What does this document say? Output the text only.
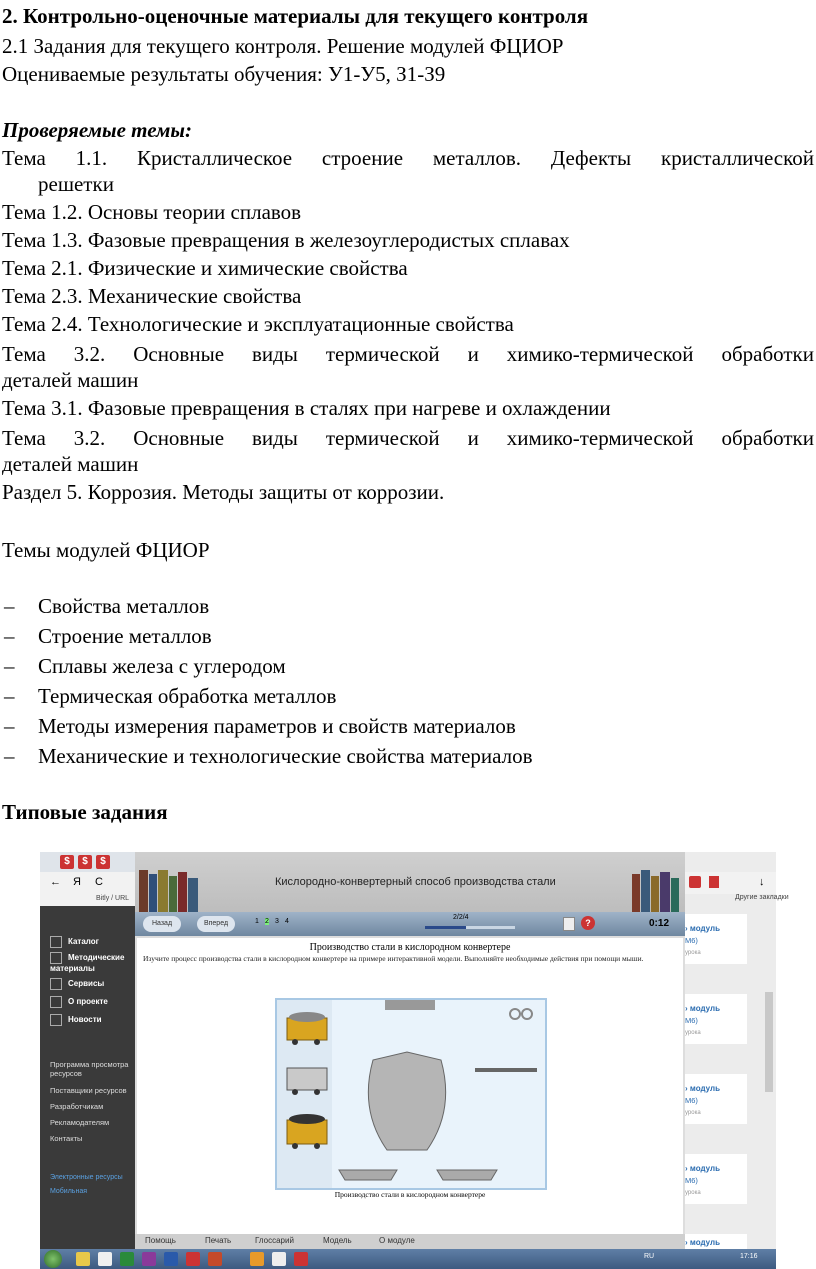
2. Контрольно-оценочные материалы для текущего контроля
2.1 Задания для текущего контроля. Решение модулей ФЦИОР
Оцениваемые результаты обучения: У1-У5, З1-З9
Проверяемые темы:
Тема 1.1. Кристаллическое строение металлов. Дефекты кристаллической
решетки
Тема 1.2. Основы теории сплавов
Тема 1.3. Фазовые превращения в железоуглеродистых сплавах
Тема 2.1. Физические и химические свойства
Тема 2.3. Механические свойства
Тема 2.4. Технологические и эксплуатационные свойства
Тема 3.2. Основные виды термической и химико-термической обработки
деталей машин
Тема 3.1. Фазовые превращения в сталях при нагреве и охлаждении
Тема 3.2. Основные виды термической и химико-термической обработки
деталей машин
Раздел 5. Коррозия. Методы защиты от коррозии.
Темы модулей ФЦИОР
– Свойства металлов
– Строение металлов
– Сплавы железа с углеродом
– Термическая обработка металлов
– Методы измерения параметров и свойств материалов
– Механические и технологические свойства материалов
Типовые задания
$	$	$
← Я C
Bitly / URL
Каталог
Методические материалы
Сервисы
О проекте
Новости
Программа просмотра ресурсов
Поставщики ресурсов
Разработчикам
Рекламодателям
Контакты
Электронные ресурсы
Мобильная
Кислородно-конвертерный способ производства стали
Назад	Вперед	1 2 3 4
2/2/4
?	0:12
Производство стали в кислородном конвертере
Изучите процесс производства стали в кислородном конвертере на примере интерактивной модели. Выполняйте необходимые действия при помощи мыши.
Производство стали в кислородном конвертере
Помощь	Печать	Глоссарий	Модель	О модуле
↓
Другие закладки
› модуль
М6)
урока
› модуль
М6)
урока
› модуль
М6)
урока
› модуль
М6)
урока
› модуль
RU	17:16
